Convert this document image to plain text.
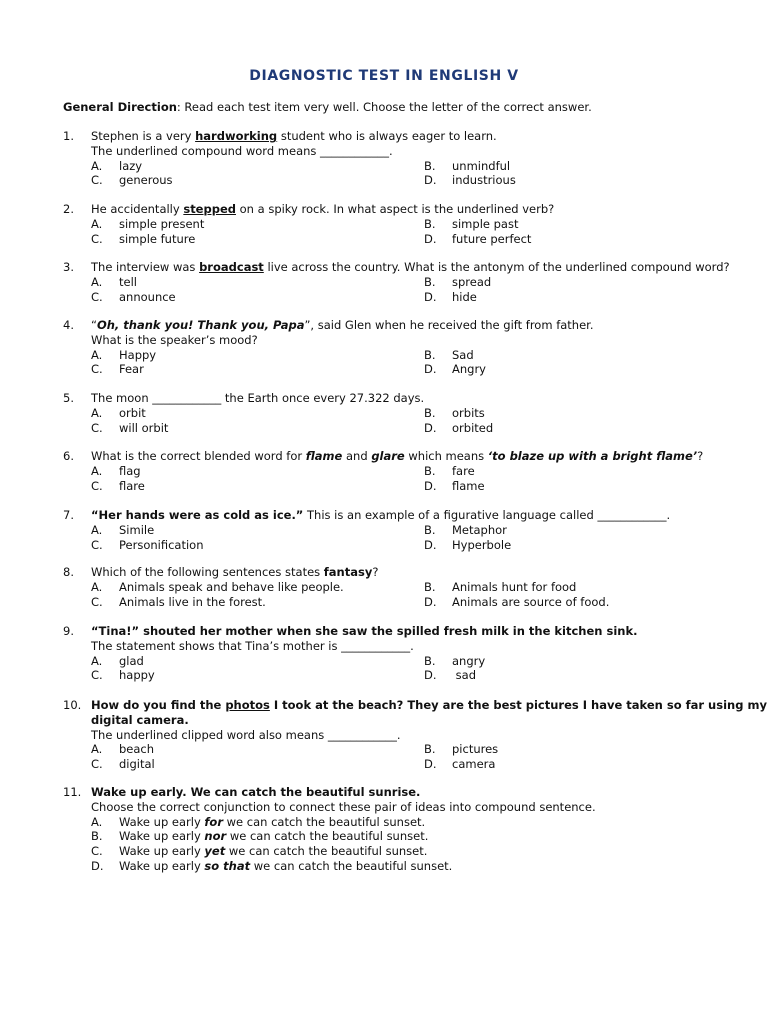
DIAGNOSTIC TEST IN ENGLISH V
General Direction: Read each test item very well. Choose the letter of the correct answer.
1. Stephen is a very hardworking student who is always eager to learn.
The underlined compound word means ____________.
A. lazy	B. unmindful
C. generous	D. industrious
2. He accidentally stepped on a spiky rock. In what aspect is the underlined verb?
A. simple present	B. simple past
C. simple future	D. future perfect
3. The interview was broadcast live across the country. What is the antonym of the underlined compound word?
A. tell	B. spread
C. announce	D. hide
4. “Oh, thank you! Thank you, Papa”, said Glen when he received the gift from father.
What is the speaker’s mood?
A. Happy	B. Sad
C. Fear	D. Angry
5. The moon ____________ the Earth once every 27.322 days.
A. orbit	B. orbits
C. will orbit	D. orbited
6. What is the correct blended word for flame and glare which means ‘to blaze up with a bright flame’?
A. flag	B. fare
C. flare	D. flame
7. “Her hands were as cold as ice.” This is an example of a figurative language called ____________.
A. Simile	B. Metaphor
C. Personification	D. Hyperbole
8. Which of the following sentences states fantasy?
A. Animals speak and behave like people.	B. Animals hunt for food
C. Animals live in the forest.	D. Animals are source of food.
9. “Tina!” shouted her mother when she saw the spilled fresh milk in the kitchen sink.
The statement shows that Tina’s mother is ____________.
A. glad	B. angry
C. happy	D. sad
10. How do you find the photos I took at the beach? They are the best pictures I have taken so far using my
digital camera.
The underlined clipped word also means ____________.
A. beach	B. pictures
C. digital	D. camera
11. Wake up early. We can catch the beautiful sunrise.
Choose the correct conjunction to connect these pair of ideas into compound sentence.
A. Wake up early for we can catch the beautiful sunset.
B. Wake up early nor we can catch the beautiful sunset.
C. Wake up early yet we can catch the beautiful sunset.
D. Wake up early so that we can catch the beautiful sunset.
